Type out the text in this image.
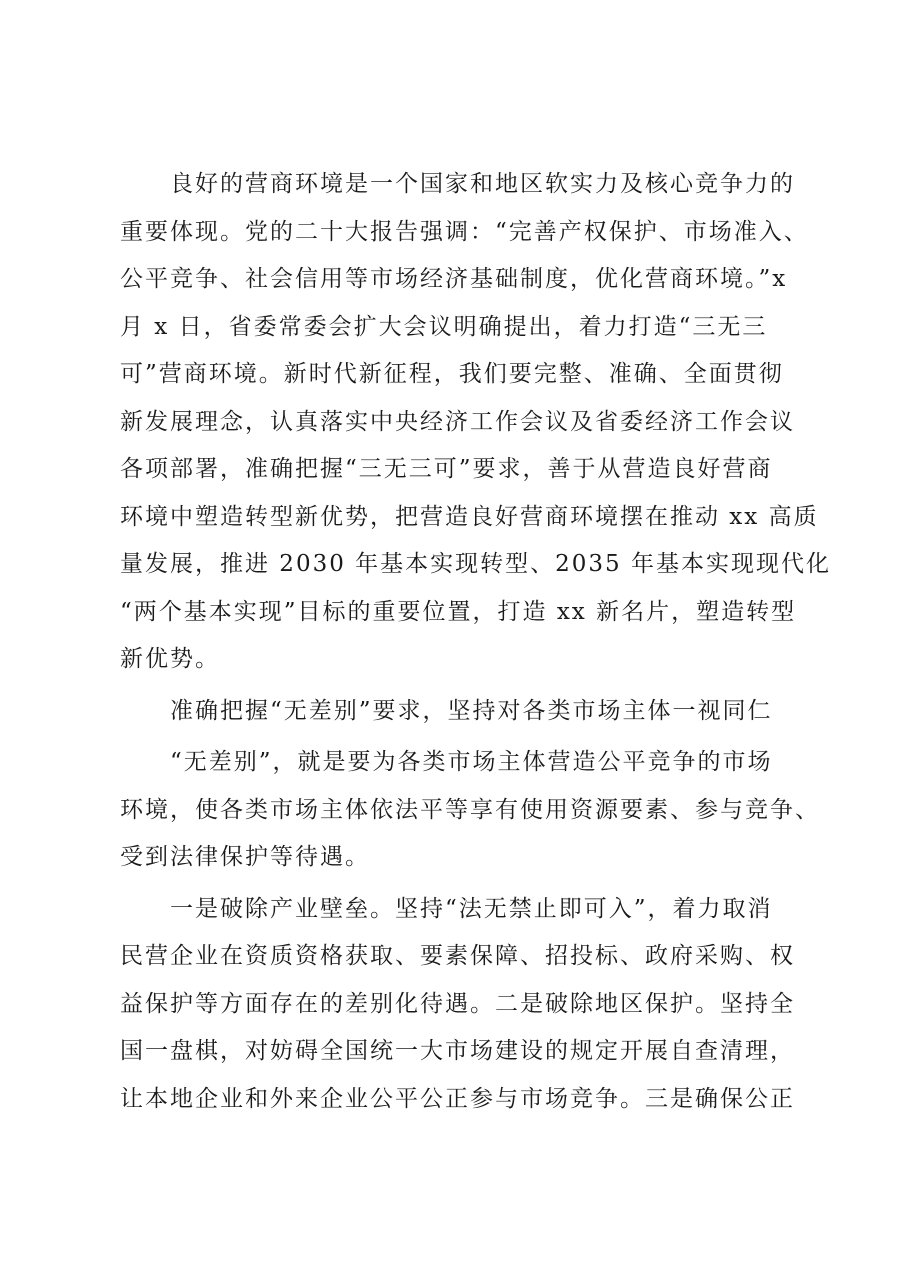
良好的营商环境是一个国家和地区软实力及核心竞争力的
重要体现。党的二十大报告强调：“完善产权保护、市场准入、
公平竞争、社会信用等市场经济基础制度，优化营商环境。”x
月 x 日，省委常委会扩大会议明确提出，着力打造“三无三
可”营商环境。新时代新征程，我们要完整、准确、全面贯彻
新发展理念，认真落实中央经济工作会议及省委经济工作会议
各项部署，准确把握“三无三可”要求，善于从营造良好营商
环境中塑造转型新优势，把营造良好营商环境摆在推动 xx 高质
量发展，推进 2030 年基本实现转型、2035 年基本实现现代化
“两个基本实现”目标的重要位置，打造 xx 新名片，塑造转型
新优势。
准确把握“无差别”要求，坚持对各类市场主体一视同仁
“无差别”，就是要为各类市场主体营造公平竞争的市场
环境，使各类市场主体依法平等享有使用资源要素、参与竞争、
受到法律保护等待遇。
一是破除产业壁垒。坚持“法无禁止即可入”，着力取消
民营企业在资质资格获取、要素保障、招投标、政府采购、权
益保护等方面存在的差别化待遇。二是破除地区保护。坚持全
国一盘棋，对妨碍全国统一大市场建设的规定开展自查清理，
让本地企业和外来企业公平公正参与市场竞争。三是确保公正
